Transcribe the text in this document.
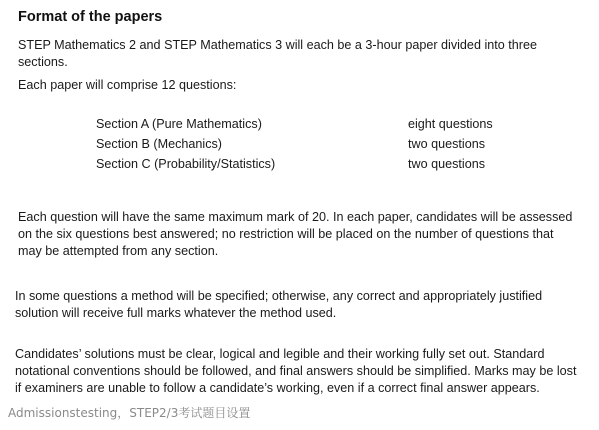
Format of the papers
STEP Mathematics 2 and STEP Mathematics 3 will each be a 3-hour paper divided into three
sections.
Each paper will comprise 12 questions:
Section A (Pure Mathematics)	eight questions
Section B (Mechanics)	two questions
Section C (Probability/Statistics)	two questions
Each question will have the same maximum mark of 20. In each paper, candidates will be assessed
on the six questions best answered; no restriction will be placed on the number of questions that
may be attempted from any section.
In some questions a method will be specified; otherwise, any correct and appropriately justified
solution will receive full marks whatever the method used.
Candidates’ solutions must be clear, logical and legible and their working fully set out. Standard
notational conventions should be followed, and final answers should be simplified. Marks may be lost
if examiners are unable to follow a candidate’s working, even if a correct final answer appears.
Admissionstesting，STEP2/3考试题目设置
